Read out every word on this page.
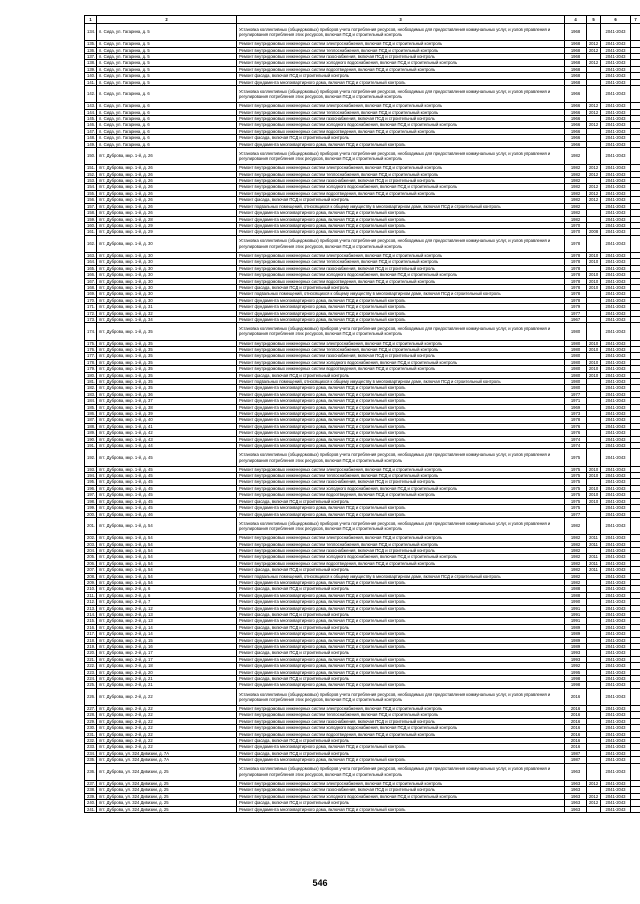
1	2	3	4	5	6	7
134.	п. Сида, ул. Гагарина, д. 5	Установка коллективных (общедомовых) приборов учета потребления ресурсов, необходимых для предоставления коммунальных услуг, и узлов управления и регулирования потребления этих ресурсов, включая ПСД и строительный контроль	1968		2041-2043	
135.	п. Сида, ул. Гагарина, д. 5	Ремонт внутридомовых инженерных систем электроснабжения, включая ПСД и строительный контроль	1968	2012	2041-2043	
136.	п. Сида, ул. Гагарина, д. 5	Ремонт внутридомовых инженерных систем теплоснабжения, включая ПСД и строительный контроль	1968	2012	2041-2043	
137.	п. Сида, ул. Гагарина, д. 5	Ремонт внутридомовых инженерных систем газоснабжения, включая ПСД и строительный контроль	1968		2041-2043	
138.	п. Сида, ул. Гагарина, д. 5	Ремонт внутридомовых инженерных систем холодного водоснабжения, включая ПСД и строительный контроль	1968	2012	2041-2043	
139.	п. Сида, ул. Гагарина, д. 5	Ремонт внутридомовых инженерных систем водоотведения, включая ПСД и строительный контроль	1968		2041-2043	
140.	п. Сида, ул. Гагарина, д. 5	Ремонт фасада, включая ПСД и строительный контроль	1968		2041-2043	
141.	п. Сида, ул. Гагарина, д. 5	Ремонт фундамента многоквартирного дома, включая ПСД и строительный контроль	1968		2041-2043	
142.	п. Сида, ул. Гагарина, д. 6	Установка коллективных (общедомовых) приборов учета потребления ресурсов, необходимых для предоставления коммунальных услуг, и узлов управления и регулирования потребления этих ресурсов, включая ПСД и строительный контроль	1966		2041-2043	
143.	п. Сида, ул. Гагарина, д. 6	Ремонт внутридомовых инженерных систем электроснабжения, включая ПСД и строительный контроль	1966	2012	2041-2043	
144.	п. Сида, ул. Гагарина, д. 6	Ремонт внутридомовых инженерных систем теплоснабжения, включая ПСД и строительный контроль	1966	2012	2041-2043	
145.	п. Сида, ул. Гагарина, д. 6	Ремонт внутридомовых инженерных систем газоснабжения, включая ПСД и строительный контроль	1966		2041-2043	
146.	п. Сида, ул. Гагарина, д. 6	Ремонт внутридомовых инженерных систем холодного водоснабжения, включая ПСД и строительный контроль	1966	2012	2041-2043	
147.	п. Сида, ул. Гагарина, д. 6	Ремонт внутридомовых инженерных систем водоотведения, включая ПСД и строительный контроль	1966		2041-2043	
148.	п. Сида, ул. Гагарина, д. 6	Ремонт фасада, включая ПСД и строительный контроль	1966		2041-2043	
149.	п. Сида, ул. Гагарина, д. 6	Ремонт фундамента многоквартирного дома, включая ПСД и строительный контроль	1966		2041-2043	
150.	пгт. Дуброва, мкр. 1-й, д. 26	Установка коллективных (общедомовых) приборов учета потребления ресурсов, необходимых для предоставления коммунальных услуг, и узлов управления и регулирования потребления этих ресурсов, включая ПСД и строительный контроль	1982		2041-2043	
151.	пгт. Дуброва, мкр. 1-й, д. 26	Ремонт внутридомовых инженерных систем электроснабжения, включая ПСД и строительный контроль	1982	2012	2041-2043	
152.	пгт. Дуброва, мкр. 1-й, д. 26	Ремонт внутридомовых инженерных систем теплоснабжения, включая ПСД и строительный контроль	1982	2012	2041-2043	
153.	пгт. Дуброва, мкр. 1-й, д. 26	Ремонт внутридомовых инженерных систем газоснабжения, включая ПСД и строительный контроль	1982		2041-2043	
154.	пгт. Дуброва, мкр. 1-й, д. 26	Ремонт внутридомовых инженерных систем холодного водоснабжения, включая ПСД и строительный контроль	1982	2012	2041-2043	
155.	пгт. Дуброва, мкр. 1-й, д. 26	Ремонт внутридомовых инженерных систем водоотведения, включая ПСД и строительный контроль	1982	2012	2041-2043	
156.	пгт. Дуброва, мкр. 1-й, д. 26	Ремонт фасада, включая ПСД и строительный контроль	1982	2012	2041-2043	
157.	пгт. Дуброва, мкр. 1-й, д. 26	Ремонт подвальных помещений, относящихся к общему имуществу в многоквартирном доме, включая ПСД и строительный контроль	1982		2041-2043	
158.	пгт. Дуброва, мкр. 1-й, д. 26	Ремонт фундамента многоквартирного дома, включая ПСД и строительный контроль	1982		2041-2043	
159.	пгт. Дуброва, мкр. 1-й, д. 28	Ремонт фундамента многоквартирного дома, включая ПСД и строительный контроль	1982		2041-2043	
160.	пгт. Дуброва, мкр. 1-й, д. 29	Ремонт фундамента многоквартирного дома, включая ПСД и строительный контроль	1970		2041-2043	
161.	пгт. Дуброва, мкр. 1-й, д. 29	Ремонт фундамента многоквартирного дома, включая ПСД и строительный контроль	1970	2008	2041-2043	
162.	пгт. Дуброва, мкр. 1-й, д. 30	Установка коллективных (общедомовых) приборов учета потребления ресурсов, необходимых для предоставления коммунальных услуг, и узлов управления и регулирования потребления этих ресурсов, включая ПСД и строительный контроль	1978		2041-2043	
163.	пгт. Дуброва, мкр. 1-й, д. 30	Ремонт внутридомовых инженерных систем электроснабжения, включая ПСД и строительный контроль	1978	2010	2041-2043	
164.	пгт. Дуброва, мкр. 1-й, д. 30	Ремонт внутридомовых инженерных систем теплоснабжения, включая ПСД и строительный контроль	1978	2010	2041-2043	
165.	пгт. Дуброва, мкр. 1-й, д. 30	Ремонт внутридомовых инженерных систем газоснабжения, включая ПСД и строительный контроль	1978		2041-2043	
166.	пгт. Дуброва, мкр. 1-й, д. 30	Ремонт внутридомовых инженерных систем холодного водоснабжения, включая ПСД и строительный контроль	1978	2010	2041-2043	
167.	пгт. Дуброва, мкр. 1-й, д. 30	Ремонт внутридомовых инженерных систем водоотведения, включая ПСД и строительный контроль	1978	2010	2041-2043	
168.	пгт. Дуброва, мкр. 1-й, д. 30	Ремонт фасада, включая ПСД и строительный контроль	1978	2010	2041-2043	
169.	пгт. Дуброва, мкр. 1-й, д. 30	Ремонт подвальных помещений, относящихся к общему имуществу в многоквартирном доме, включая ПСД и строительный контроль	1978		2041-2043	
170.	пгт. Дуброва, мкр. 1-й, д. 30	Ремонт фундамента многоквартирного дома, включая ПСД и строительный контроль	1978		2041-2043	
171.	пгт. Дуброва, мкр. 1-й, д. 31	Ремонт фундамента многоквартирного дома, включая ПСД и строительный контроль	1979		2041-2043	
172.	пгт. Дуброва, мкр. 1-й, д. 32	Ремонт фундамента многоквартирного дома, включая ПСД и строительный контроль	1977		2041-2043	
173.	пгт. Дуброва, мкр. 1-й, д. 34	Ремонт фундамента многоквартирного дома, включая ПСД и строительный контроль	1967		2041-2043	
174.	пгт. Дуброва, мкр. 1-й, д. 35	Установка коллективных (общедомовых) приборов учета потребления ресурсов, необходимых для предоставления коммунальных услуг, и узлов управления и регулирования потребления этих ресурсов, включая ПСД и строительный контроль	1980		2041-2043	
175.	пгт. Дуброва, мкр. 1-й, д. 35	Ремонт внутридомовых инженерных систем электроснабжения, включая ПСД и строительный контроль	1980	2010	2041-2043	
176.	пгт. Дуброва, мкр. 1-й, д. 35	Ремонт внутридомовых инженерных систем теплоснабжения, включая ПСД и строительный контроль	1980	2010	2041-2043	
177.	пгт. Дуброва, мкр. 1-й, д. 35	Ремонт внутридомовых инженерных систем газоснабжения, включая ПСД и строительный контроль	1980		2041-2043	
178.	пгт. Дуброва, мкр. 1-й, д. 35	Ремонт внутридомовых инженерных систем холодного водоснабжения, включая ПСД и строительный контроль	1980	2010	2041-2043	
179.	пгт. Дуброва, мкр. 1-й, д. 35	Ремонт внутридомовых инженерных систем водоотведения, включая ПСД и строительный контроль	1980	2010	2041-2043	
180.	пгт. Дуброва, мкр. 1-й, д. 35	Ремонт фасада, включая ПСД и строительный контроль	1980	2010	2041-2043	
181.	пгт. Дуброва, мкр. 1-й, д. 35	Ремонт подвальных помещений, относящихся к общему имуществу в многоквартирном доме, включая ПСД и строительный контроль	1980		2041-2043	
182.	пгт. Дуброва, мкр. 1-й, д. 35	Ремонт фундамента многоквартирного дома, включая ПСД и строительный контроль	1980		2041-2043	
183.	пгт. Дуброва, мкр. 1-й, д. 36	Ремонт фундамента многоквартирного дома, включая ПСД и строительный контроль	1977		2041-2043	
184.	пгт. Дуброва, мкр. 1-й, д. 37	Ремонт фундамента многоквартирного дома, включая ПСД и строительный контроль	1971		2041-2043	
185.	пгт. Дуброва, мкр. 1-й, д. 38	Ремонт фундамента многоквартирного дома, включая ПСД и строительный контроль	1969		2041-2043	
186.	пгт. Дуброва, мкр. 1-й, д. 39	Ремонт фундамента многоквартирного дома, включая ПСД и строительный контроль	1973		2041-2043	
187.	пгт. Дуброва, мкр. 1-й, д. 40	Ремонт фундамента многоквартирного дома, включая ПСД и строительный контроль	1978		2041-2043	
188.	пгт. Дуброва, мкр. 1-й, д. 41	Ремонт фундамента многоквартирного дома, включая ПСД и строительный контроль	1976		2041-2043	
189.	пгт. Дуброва, мкр. 1-й, д. 42	Ремонт фундамента многоквартирного дома, включая ПСД и строительный контроль	1976		2041-2043	
190.	пгт. Дуброва, мкр. 1-й, д. 43	Ремонт фундамента многоквартирного дома, включая ПСД и строительный контроль	1974		2041-2043	
191.	пгт. Дуброва, мкр. 1-й, д. 44	Ремонт фундамента многоквартирного дома, включая ПСД и строительный контроль	1974		2041-2043	
192.	пгт. Дуброва, мкр. 1-й, д. 45	Установка коллективных (общедомовых) приборов учета потребления ресурсов, необходимых для предоставления коммунальных услуг, и узлов управления и регулирования потребления этих ресурсов, включая ПСД и строительный контроль	1975		2041-2043	
193.	пгт. Дуброва, мкр. 1-й, д. 45	Ремонт внутридомовых инженерных систем электроснабжения, включая ПСД и строительный контроль	1975	2010	2041-2043	
194.	пгт. Дуброва, мкр. 1-й, д. 45	Ремонт внутридомовых инженерных систем теплоснабжения, включая ПСД и строительный контроль	1975	2010	2041-2043	
195.	пгт. Дуброва, мкр. 1-й, д. 45	Ремонт внутридомовых инженерных систем газоснабжения, включая ПСД и строительный контроль	1975		2041-2043	
196.	пгт. Дуброва, мкр. 1-й, д. 45	Ремонт внутридомовых инженерных систем холодного водоснабжения, включая ПСД и строительный контроль	1975	2010	2041-2043	
197.	пгт. Дуброва, мкр. 1-й, д. 45	Ремонт внутридомовых инженерных систем водоотведения, включая ПСД и строительный контроль	1975	2010	2041-2043	
198.	пгт. Дуброва, мкр. 1-й, д. 45	Ремонт фасада, включая ПСД и строительный контроль	1975	2010	2041-2043	
199.	пгт. Дуброва, мкр. 1-й, д. 45	Ремонт фундамента многоквартирного дома, включая ПСД и строительный контроль	1975		2041-2043	
200.	пгт. Дуброва, мкр. 1-й, д. 46	Ремонт фундамента многоквартирного дома, включая ПСД и строительный контроль	1977		2041-2043	
201.	пгт. Дуброва, мкр. 1-й, д. 54	Установка коллективных (общедомовых) приборов учета потребления ресурсов, необходимых для предоставления коммунальных услуг, и узлов управления и регулирования потребления этих ресурсов, включая ПСД и строительный контроль	1982		2041-2043	
202.	пгт. Дуброва, мкр. 1-й, д. 54	Ремонт внутридомовых инженерных систем электроснабжения, включая ПСД и строительный контроль	1982	2011	2041-2043	
203.	пгт. Дуброва, мкр. 1-й, д. 54	Ремонт внутридомовых инженерных систем теплоснабжения, включая ПСД и строительный контроль	1982	2011	2041-2043	
204.	пгт. Дуброва, мкр. 1-й, д. 54	Ремонт внутридомовых инженерных систем газоснабжения, включая ПСД и строительный контроль	1982		2041-2043	
205.	пгт. Дуброва, мкр. 1-й, д. 54	Ремонт внутридомовых инженерных систем холодного водоснабжения, включая ПСД и строительный контроль	1982	2011	2041-2043	
206.	пгт. Дуброва, мкр. 1-й, д. 54	Ремонт внутридомовых инженерных систем водоотведения, включая ПСД и строительный контроль	1982	2011	2041-2043	
207.	пгт. Дуброва, мкр. 1-й, д. 54	Ремонт фасада, включая ПСД и строительный контроль	1982	2011	2041-2043	
208.	пгт. Дуброва, мкр. 1-й, д. 54	Ремонт подвальных помещений, относящихся к общему имуществу в многоквартирном доме, включая ПСД и строительный контроль	1982		2041-2043	
209.	пгт. Дуброва, мкр. 1-й, д. 54	Ремонт фундамента многоквартирного дома, включая ПСД и строительный контроль	1982		2041-2043	
210.	пгт. Дуброва, мкр. 2-й, д. 6	Ремонт фасада, включая ПСД и строительный контроль	1988		2041-2043	
211.	пгт. Дуброва, мкр. 2-й, д. 6	Ремонт фундамента многоквартирного дома, включая ПСД и строительный контроль	1988		2041-2043	
212.	пгт. Дуброва, мкр. 2-й, д. 7	Ремонт фундамента многоквартирного дома, включая ПСД и строительный контроль	1990		2041-2043	
213.	пгт. Дуброва, мкр. 2-й, д. 12	Ремонт фундамента многоквартирного дома, включая ПСД и строительный контроль	1991		2041-2043	
214.	пгт. Дуброва, мкр. 2-й, д. 13	Ремонт фасада, включая ПСД и строительный контроль	1991		2041-2043	
215.	пгт. Дуброва, мкр. 2-й, д. 13	Ремонт фундамента многоквартирного дома, включая ПСД и строительный контроль	1991		2041-2043	
216.	пгт. Дуброва, мкр. 2-й, д. 14	Ремонт фасада, включая ПСД и строительный контроль	1989		2041-2043	
217.	пгт. Дуброва, мкр. 2-й, д. 14	Ремонт фундамента многоквартирного дома, включая ПСД и строительный контроль	1989		2041-2043	
218.	пгт. Дуброва, мкр. 2-й, д. 15	Ремонт фундамента многоквартирного дома, включая ПСД и строительный контроль	1989		2041-2043	
219.	пгт. Дуброва, мкр. 2-й, д. 16	Ремонт фундамента многоквартирного дома, включая ПСД и строительный контроль	1989		2041-2043	
220.	пгт. Дуброва, мкр. 2-й, д. 17	Ремонт фасада, включая ПСД и строительный контроль	1993		2041-2043	
221.	пгт. Дуброва, мкр. 2-й, д. 17	Ремонт фундамента многоквартирного дома, включая ПСД и строительный контроль	1993		2041-2043	
222.	пгт. Дуброва, мкр. 2-й, д. 18	Ремонт фундамента многоквартирного дома, включая ПСД и строительный контроль	1992		2041-2043	
223.	пгт. Дуброва, мкр. 2-й, д. 20	Ремонт фундамента многоквартирного дома, включая ПСД и строительный контроль	1995		2041-2043	
224.	пгт. Дуброва, мкр. 2-й, д. 21	Ремонт фасада, включая ПСД и строительный контроль	1998		2041-2043	
225.	пгт. Дуброва, мкр. 2-й, д. 21	Ремонт фундамента многоквартирного дома, включая ПСД и строительный контроль	1998		2041-2043	
226.	пгт. Дуброва, мкр. 2-й, д. 22	Установка коллективных (общедомовых) приборов учета потребления ресурсов, необходимых для предоставления коммунальных услуг, и узлов управления и регулирования потребления этих ресурсов, включая ПСД и строительный контроль	2016		2041-2043	
227.	пгт. Дуброва, мкр. 2-й, д. 22	Ремонт внутридомовых инженерных систем электроснабжения, включая ПСД и строительный контроль	2016		2041-2043	
228.	пгт. Дуброва, мкр. 2-й, д. 22	Ремонт внутридомовых инженерных систем теплоснабжения, включая ПСД и строительный контроль	2016		2041-2043	
229.	пгт. Дуброва, мкр. 2-й, д. 22	Ремонт внутридомовых инженерных систем газоснабжения, включая ПСД и строительный контроль	2016		2041-2043	
230.	пгт. Дуброва, мкр. 2-й, д. 22	Ремонт внутридомовых инженерных систем холодного водоснабжения, включая ПСД и строительный контроль	2016		2041-2043	
231.	пгт. Дуброва, мкр. 2-й, д. 22	Ремонт внутридомовых инженерных систем водоотведения, включая ПСД и строительный контроль	2016		2041-2043	
232.	пгт. Дуброва, мкр. 2-й, д. 22	Ремонт фасада, включая ПСД и строительный контроль	2016		2041-2043	
233.	пгт. Дуброва, мкр. 2-й, д. 22	Ремонт фундамента многоквартирного дома, включая ПСД и строительный контроль	2016		2041-2043	
234.	пгт. Дуброва, ул. 324 Дивизии, д. 7А	Ремонт фасада, включая ПСД и строительный контроль	1987		2041-2043	
235.	пгт. Дуброва, ул. 324 Дивизии, д. 7А	Ремонт фундамента многоквартирного дома, включая ПСД и строительный контроль	1987		2041-2043	
236.	пгт. Дуброва, ул. 324 Дивизии, д. 25	Установка коллективных (общедомовых) приборов учета потребления ресурсов, необходимых для предоставления коммунальных услуг, и узлов управления и регулирования потребления этих ресурсов, включая ПСД и строительный контроль	1963		2041-2043	
237.	пгт. Дуброва, ул. 324 Дивизии, д. 25	Ремонт внутридомовых инженерных систем электроснабжения, включая ПСД и строительный контроль	1963	2012	2041-2043	
238.	пгт. Дуброва, ул. 324 Дивизии, д. 25	Ремонт внутридомовых инженерных систем газоснабжения, включая ПСД и строительный контроль	1963		2041-2043	
239.	пгт. Дуброва, ул. 324 Дивизии, д. 25	Ремонт внутридомовых инженерных систем холодного водоснабжения, включая ПСД и строительный контроль	1963	2012	2041-2043	
240.	пгт. Дуброва, ул. 324 Дивизии, д. 25	Ремонт фасада, включая ПСД и строительный контроль	1963	2012	2041-2043	
241.	пгт. Дуброва, ул. 324 Дивизии, д. 25	Ремонт фундамента многоквартирного дома, включая ПСД и строительный контроль	1963		2041-2043	
546
